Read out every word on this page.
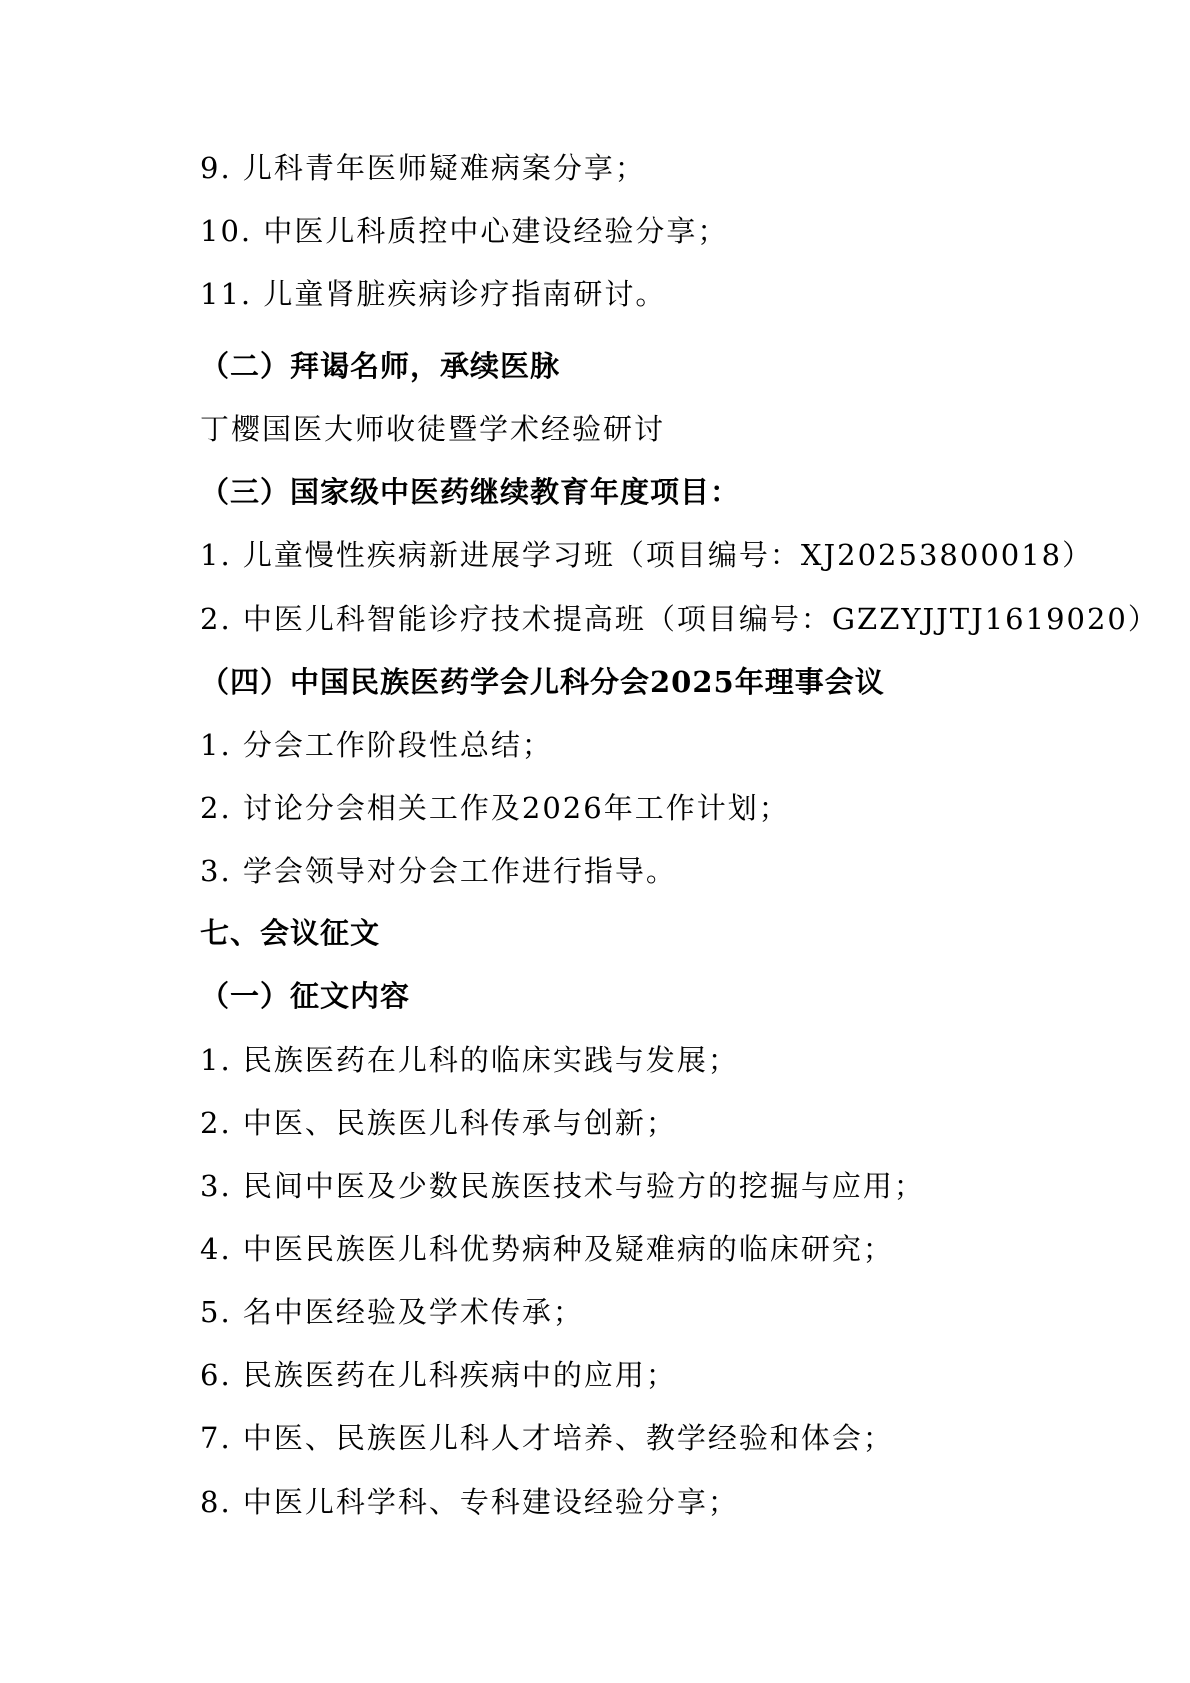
9. 儿科青年医师疑难病案分享；
10. 中医儿科质控中心建设经验分享；
11. 儿童肾脏疾病诊疗指南研讨。
（二）拜谒名师，承续医脉
丁樱国医大师收徒暨学术经验研讨
（三）国家级中医药继续教育年度项目：
1. 儿童慢性疾病新进展学习班（项目编号：XJ20253800018）
2. 中医儿科智能诊疗技术提高班（项目编号：GZZYJJTJ1619020）
（四）中国民族医药学会儿科分会2025年理事会议
1. 分会工作阶段性总结；
2. 讨论分会相关工作及2026年工作计划；
3. 学会领导对分会工作进行指导。
七、会议征文
（一）征文内容
1. 民族医药在儿科的临床实践与发展；
2. 中医、民族医儿科传承与创新；
3. 民间中医及少数民族医技术与验方的挖掘与应用；
4. 中医民族医儿科优势病种及疑难病的临床研究；
5. 名中医经验及学术传承；
6. 民族医药在儿科疾病中的应用；
7. 中医、民族医儿科人才培养、教学经验和体会；
8. 中医儿科学科、专科建设经验分享；
